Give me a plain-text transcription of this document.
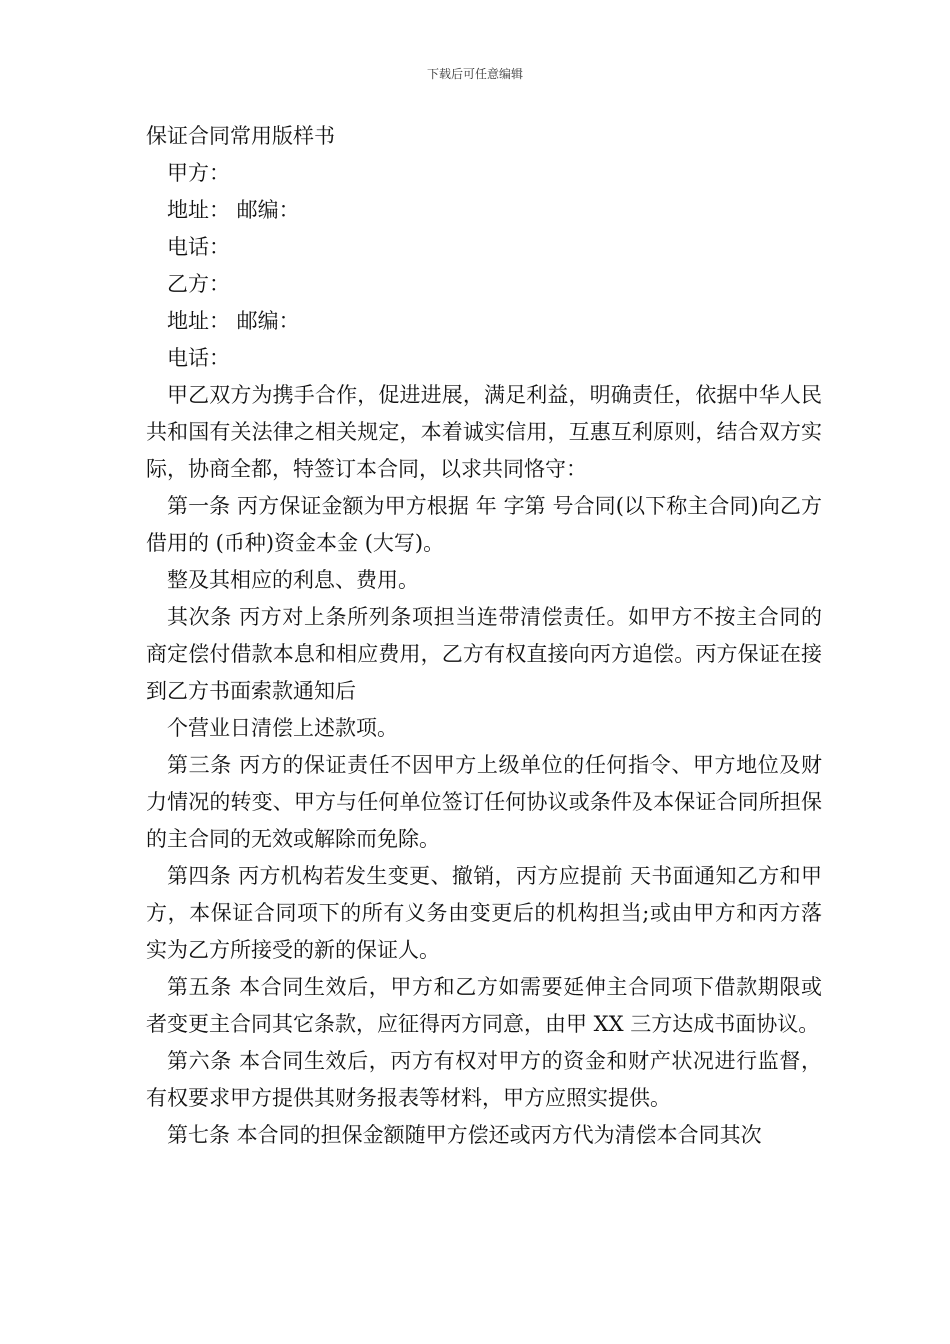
下载后可任意编辑
保证合同常用版样书

甲方：

地址： 邮编：

电话：

乙方：

地址： 邮编：

电话：

甲乙双方为携手合作，促进进展，满足利益，明确责任，依据中华人民共和国有关法律之相关规定，本着诚实信用，互惠互利原则，结合双方实际，协商全都，特签订本合同，以求共同恪守：

第一条 丙方保证金额为甲方根据 年 字第 号合同(以下称主合同)向乙方借用的 (币种)资金本金 (大写)。

整及其相应的利息、费用。

其次条 丙方对上条所列条项担当连带清偿责任。如甲方不按主合同的商定偿付借款本息和相应费用，乙方有权直接向丙方追偿。丙方保证在接到乙方书面索款通知后

个营业日清偿上述款项。

第三条 丙方的保证责任不因甲方上级单位的任何指令、甲方地位及财力情况的转变、甲方与任何单位签订任何协议或条件及本保证合同所担保的主合同的无效或解除而免除。

第四条 丙方机构若发生变更、撤销，丙方应提前 天书面通知乙方和甲方，本保证合同项下的所有义务由变更后的机构担当;或由甲方和丙方落实为乙方所接受的新的保证人。

第五条 本合同生效后，甲方和乙方如需要延伸主合同项下借款期限或者变更主合同其它条款，应征得丙方同意，由甲 XX 三方达成书面协议。

第六条 本合同生效后，丙方有权对甲方的资金和财产状况进行监督，有权要求甲方提供其财务报表等材料，甲方应照实提供。

第七条 本合同的担保金额随甲方偿还或丙方代为清偿本合同其次
